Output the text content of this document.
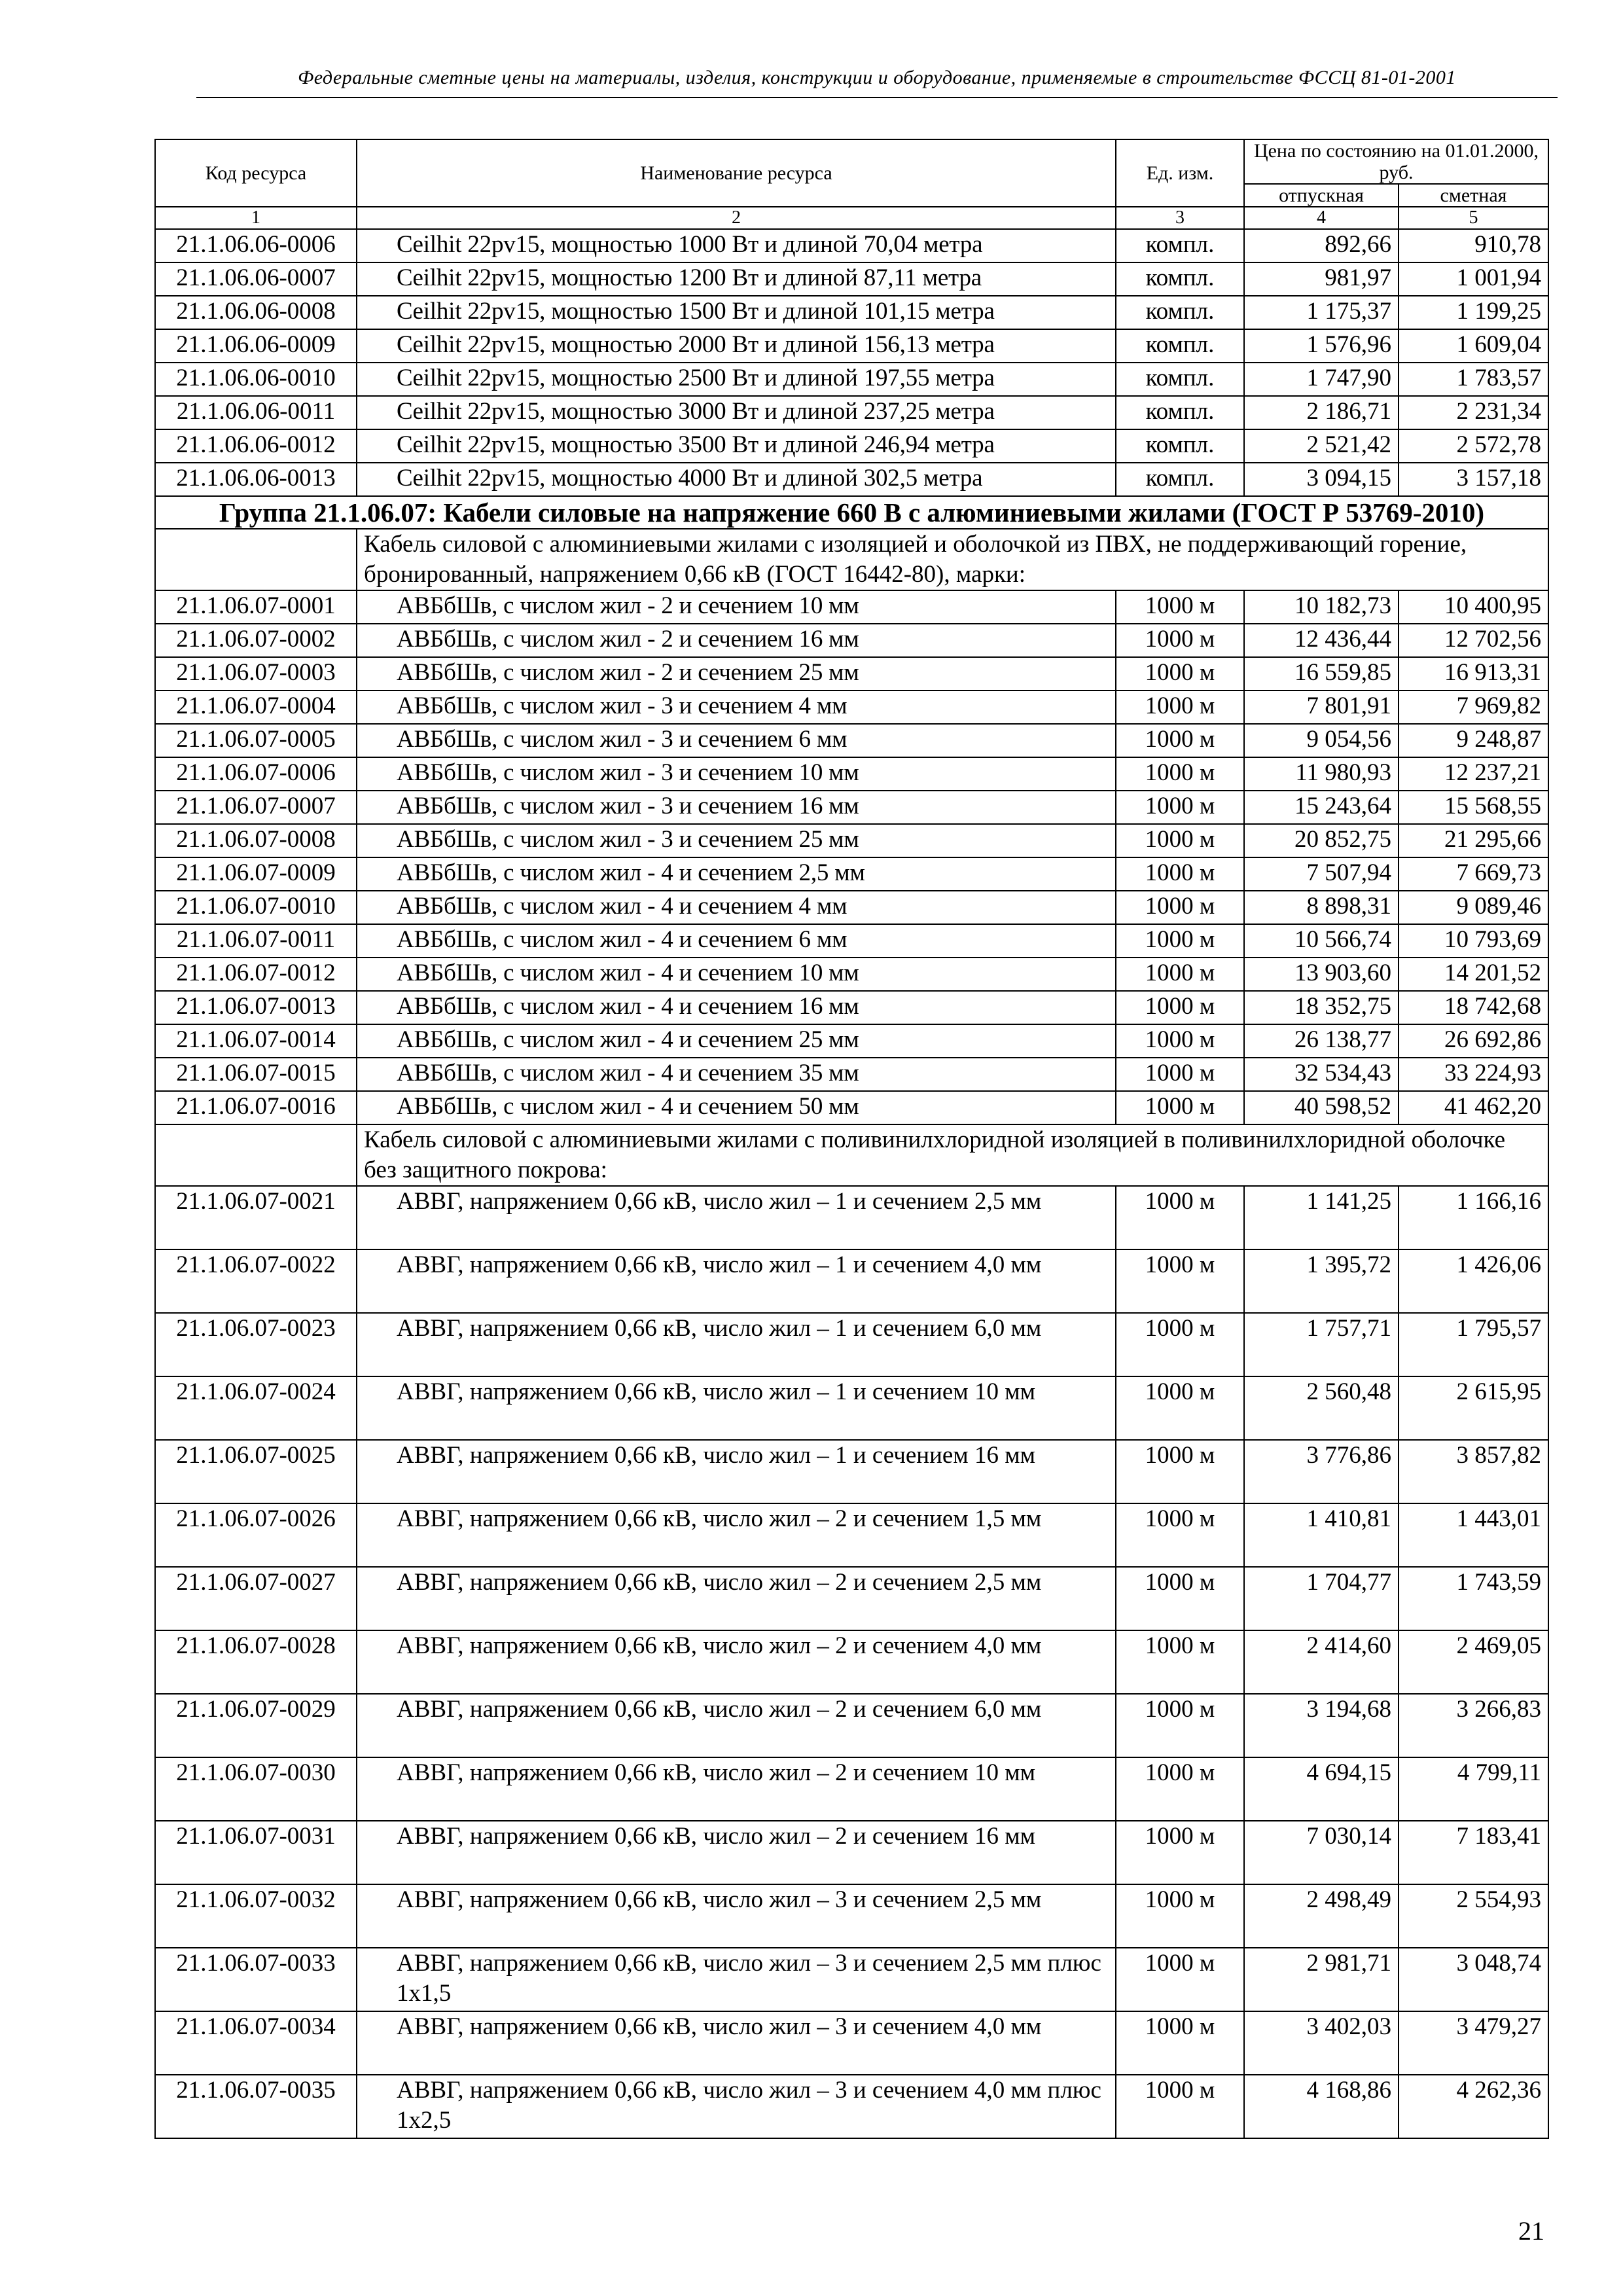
Федеральные сметные цены на материалы, изделия, конструкции и оборудование, применяемые в строительстве ФССЦ 81-01-2001
Код ресурса	Наименование ресурса	Ед. изм.	Цена по состоянию на 01.01.2000, руб.	
			отпускная	сметная
1	2	3	4	5
21.1.06.06-0006	Ceilhit 22pv15, мощностью 1000 Вт и длиной 70,04 метра	компл.	892,66	910,78
21.1.06.06-0007	Ceilhit 22pv15, мощностью 1200 Вт и длиной 87,11 метра	компл.	981,97	1 001,94
21.1.06.06-0008	Ceilhit 22pv15, мощностью 1500 Вт и длиной 101,15 метра	компл.	1 175,37	1 199,25
21.1.06.06-0009	Ceilhit 22pv15, мощностью 2000 Вт и длиной 156,13 метра	компл.	1 576,96	1 609,04
21.1.06.06-0010	Ceilhit 22pv15, мощностью 2500 Вт и длиной 197,55 метра	компл.	1 747,90	1 783,57
21.1.06.06-0011	Ceilhit 22pv15, мощностью 3000 Вт и длиной 237,25 метра	компл.	2 186,71	2 231,34
21.1.06.06-0012	Ceilhit 22pv15, мощностью 3500 Вт и длиной 246,94 метра	компл.	2 521,42	2 572,78
21.1.06.06-0013	Ceilhit 22pv15, мощностью 4000 Вт и длиной 302,5 метра	компл.	3 094,15	3 157,18
Группа 21.1.06.07: Кабели силовые на напряжение 660 В с алюминиевыми жилами (ГОСТ Р 53769-2010)				
	Кабель силовой с алюминиевыми жилами с изоляцией и оболочкой из ПВХ, не поддерживающий горение, бронированный, напряжением 0,66 кВ (ГОСТ 16442-80), марки:			
21.1.06.07-0001	АВБбШв, с числом жил - 2 и сечением 10 мм	1000 м	10 182,73	10 400,95
21.1.06.07-0002	АВБбШв, с числом жил - 2 и сечением 16 мм	1000 м	12 436,44	12 702,56
21.1.06.07-0003	АВБбШв, с числом жил - 2 и сечением 25 мм	1000 м	16 559,85	16 913,31
21.1.06.07-0004	АВБбШв, с числом жил - 3 и сечением 4 мм	1000 м	7 801,91	7 969,82
21.1.06.07-0005	АВБбШв, с числом жил - 3 и сечением 6 мм	1000 м	9 054,56	9 248,87
21.1.06.07-0006	АВБбШв, с числом жил - 3 и сечением 10 мм	1000 м	11 980,93	12 237,21
21.1.06.07-0007	АВБбШв, с числом жил - 3 и сечением 16 мм	1000 м	15 243,64	15 568,55
21.1.06.07-0008	АВБбШв, с числом жил - 3 и сечением 25 мм	1000 м	20 852,75	21 295,66
21.1.06.07-0009	АВБбШв, с числом жил - 4 и сечением 2,5 мм	1000 м	7 507,94	7 669,73
21.1.06.07-0010	АВБбШв, с числом жил - 4 и сечением 4 мм	1000 м	8 898,31	9 089,46
21.1.06.07-0011	АВБбШв, с числом жил - 4 и сечением 6 мм	1000 м	10 566,74	10 793,69
21.1.06.07-0012	АВБбШв, с числом жил - 4 и сечением 10 мм	1000 м	13 903,60	14 201,52
21.1.06.07-0013	АВБбШв, с числом жил - 4 и сечением 16 мм	1000 м	18 352,75	18 742,68
21.1.06.07-0014	АВБбШв, с числом жил - 4 и сечением 25 мм	1000 м	26 138,77	26 692,86
21.1.06.07-0015	АВБбШв, с числом жил - 4 и сечением 35 мм	1000 м	32 534,43	33 224,93
21.1.06.07-0016	АВБбШв, с числом жил - 4 и сечением 50 мм	1000 м	40 598,52	41 462,20
	Кабель силовой с алюминиевыми жилами с поливинилхлоридной изоляцией в поливинилхлоридной оболочке без защитного покрова:			
21.1.06.07-0021	АВВГ, напряжением 0,66 кВ, число жил – 1 и сечением 2,5 мм	1000 м	1 141,25	1 166,16
21.1.06.07-0022	АВВГ, напряжением 0,66 кВ, число жил – 1 и сечением 4,0 мм	1000 м	1 395,72	1 426,06
21.1.06.07-0023	АВВГ, напряжением 0,66 кВ, число жил – 1 и сечением 6,0 мм	1000 м	1 757,71	1 795,57
21.1.06.07-0024	АВВГ, напряжением 0,66 кВ, число жил – 1 и сечением 10 мм	1000 м	2 560,48	2 615,95
21.1.06.07-0025	АВВГ, напряжением 0,66 кВ, число жил – 1 и сечением 16 мм	1000 м	3 776,86	3 857,82
21.1.06.07-0026	АВВГ, напряжением 0,66 кВ, число жил – 2 и сечением 1,5 мм	1000 м	1 410,81	1 443,01
21.1.06.07-0027	АВВГ, напряжением 0,66 кВ, число жил – 2 и сечением 2,5 мм	1000 м	1 704,77	1 743,59
21.1.06.07-0028	АВВГ, напряжением 0,66 кВ, число жил – 2 и сечением 4,0 мм	1000 м	2 414,60	2 469,05
21.1.06.07-0029	АВВГ, напряжением 0,66 кВ, число жил – 2 и сечением 6,0 мм	1000 м	3 194,68	3 266,83
21.1.06.07-0030	АВВГ, напряжением 0,66 кВ, число жил – 2 и сечением 10 мм	1000 м	4 694,15	4 799,11
21.1.06.07-0031	АВВГ, напряжением 0,66 кВ, число жил – 2 и сечением 16 мм	1000 м	7 030,14	7 183,41
21.1.06.07-0032	АВВГ, напряжением 0,66 кВ, число жил – 3 и сечением 2,5 мм	1000 м	2 498,49	2 554,93
21.1.06.07-0033	АВВГ, напряжением 0,66 кВ, число жил – 3 и сечением 2,5 мм плюс 1х1,5	1000 м	2 981,71	3 048,74
21.1.06.07-0034	АВВГ, напряжением 0,66 кВ, число жил – 3 и сечением 4,0 мм	1000 м	3 402,03	3 479,27
21.1.06.07-0035	АВВГ, напряжением 0,66 кВ, число жил – 3 и сечением 4,0 мм плюс 1х2,5	1000 м	4 168,86	4 262,36
21
